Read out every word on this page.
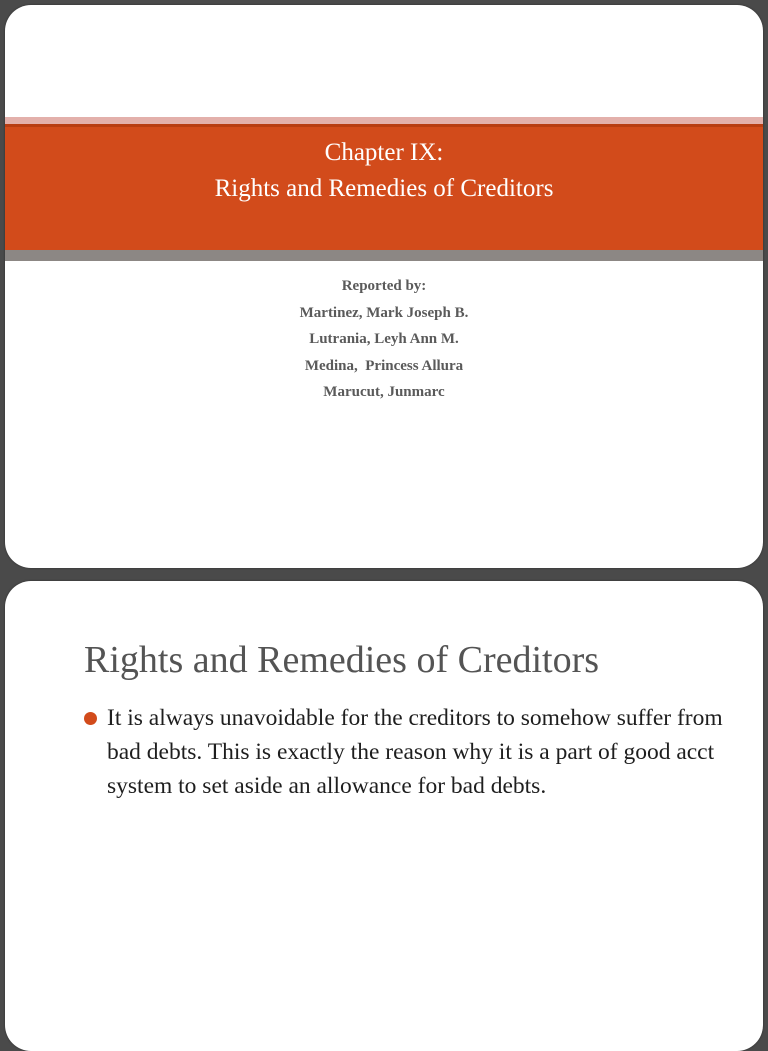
Chapter IX:
Rights and Remedies of Creditors
Reported by:
Martinez, Mark Joseph B.
Lutrania, Leyh Ann M.
Medina,  Princess Allura
Marucut, Junmarc
Rights and Remedies of Creditors
It is always unavoidable for the creditors to somehow suffer from bad debts. This is exactly the reason why it is a part of good acct system to set aside an allowance for bad debts.
